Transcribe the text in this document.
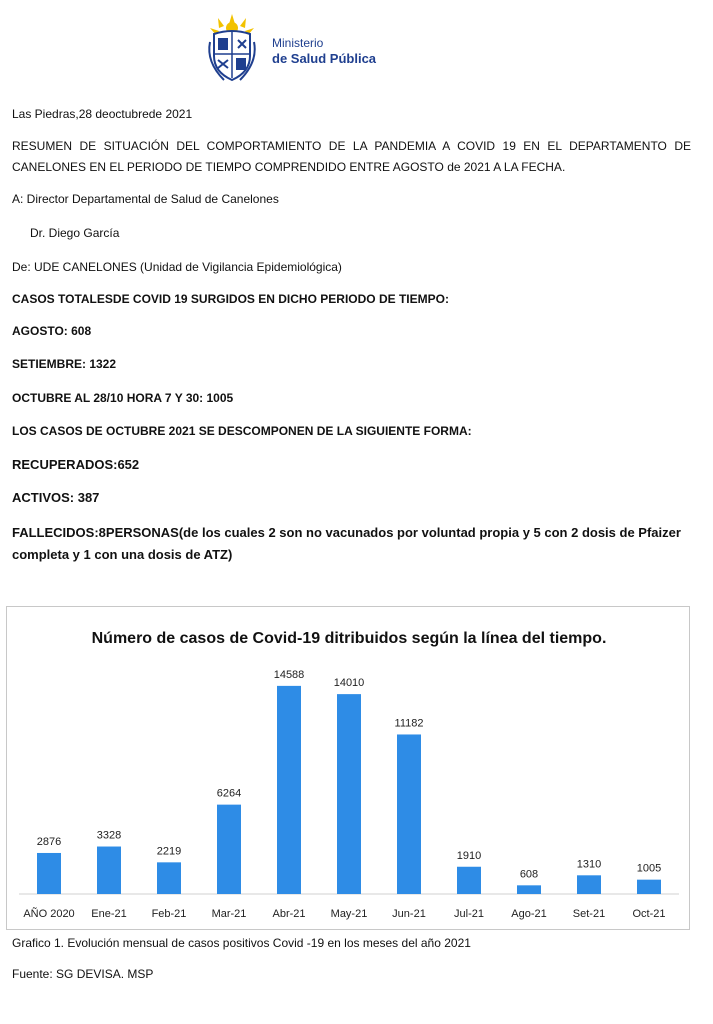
Ministerio
de Salud Pública
Las Piedras,28 deoctubrede 2021
RESUMEN DE SITUACIÓN DEL COMPORTAMIENTO DE LA PANDEMIA A COVID 19 EN EL DEPARTAMENTO DE CANELONES EN EL PERIODO DE TIEMPO COMPRENDIDO ENTRE AGOSTO de 2021 A LA FECHA.
A: Director Departamental de Salud de Canelones
Dr. Diego García
De: UDE CANELONES (Unidad de Vigilancia Epidemiológica)
CASOS TOTALESDE COVID 19 SURGIDOS EN DICHO PERIODO DE TIEMPO:
AGOSTO: 608
SETIEMBRE: 1322
OCTUBRE AL 28/10 HORA 7 Y 30: 1005
LOS CASOS DE OCTUBRE 2021 SE DESCOMPONEN DE LA SIGUIENTE FORMA:
RECUPERADOS:652
ACTIVOS: 387
FALLECIDOS:8PERSONAS(de los cuales 2 son no vacunados por voluntad propia y 5 con 2 dosis de Pfaizer completa y 1 con una dosis de ATZ)
Número de casos de Covid-19 ditribuidos según la línea del tiempo.
2876
AÑO 2020
3328
Ene-21
2219
Feb-21
6264
Mar-21
14588
Abr-21
14010
May-21
11182
Jun-21
1910
Jul-21
608
Ago-21
1310
Set-21
1005
Oct-21
Grafico 1. Evolución mensual de casos positivos Covid -19 en los meses del año 2021
Fuente: SG DEVISA. MSP
